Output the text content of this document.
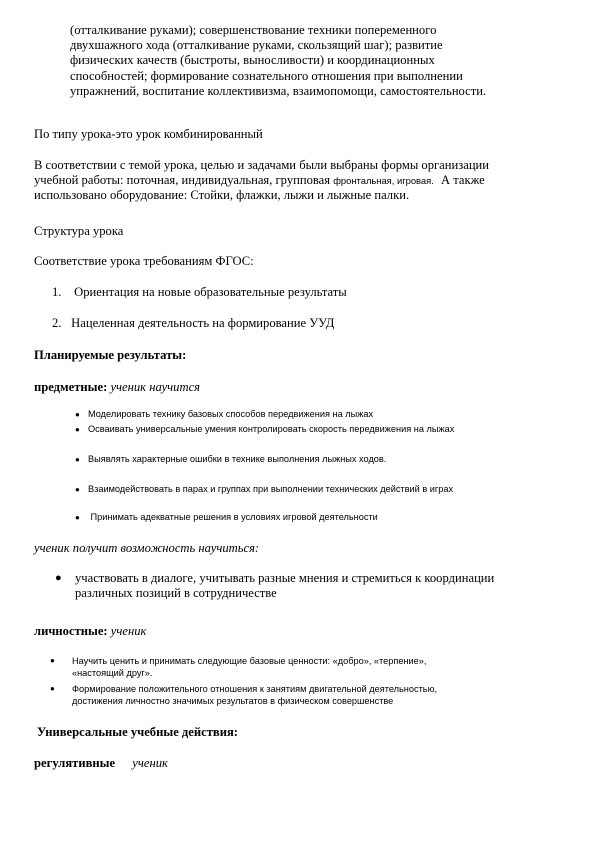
(отталкивание руками); совершенствование техники попеременного
двухшажного хода (отталкивание руками, скользящий шаг); развитие
физических качеств (быстроты, выносливости) и координационных
способностей; формирование сознательного отношения при выполнении
упражнений, воспитание коллективизма, взаимопомощи, самостоятельности.
По типу урока-это урок комбинированный
В соответствии с темой урока, целью и задачами были выбраны формы организации
учебной работы: поточная, индивидуальная, групповая фронтальная, игровая. А также
использовано оборудование: Стойки, флажки, лыжи и лыжные палки.
Структура урока
Соответствие урока требованиям ФГОС:
1. Ориентация на новые образовательные результаты
2. Нацеленная деятельность на формирование УУД
Планируемые результаты:
предметные: ученик научится
● Моделировать технику базовых способов передвижения на лыжах
● Осваивать универсальные умения контролировать скорость передвижения на лыжах
● Выявлять характерные ошибки в технике выполнения лыжных ходов.
● Взаимодействовать в парах и группах при выполнении технических действий в играх
● Принимать адекватные решения в условиях игровой деятельности
ученик получит возможность научиться:
● участвовать в диалоге, учитывать разные мнения и стремиться к координации
различных позиций в сотрудничестве
личностные: ученик
● Научить ценить и принимать следующие базовые ценности: «добро», «терпение»,
«настоящий друг».
● Формирование положительного отношения к занятиям двигательной деятельностью,
достижения личностно значимых результатов в физическом совершенстве
Универсальные учебные действия:
регулятивные ученик
